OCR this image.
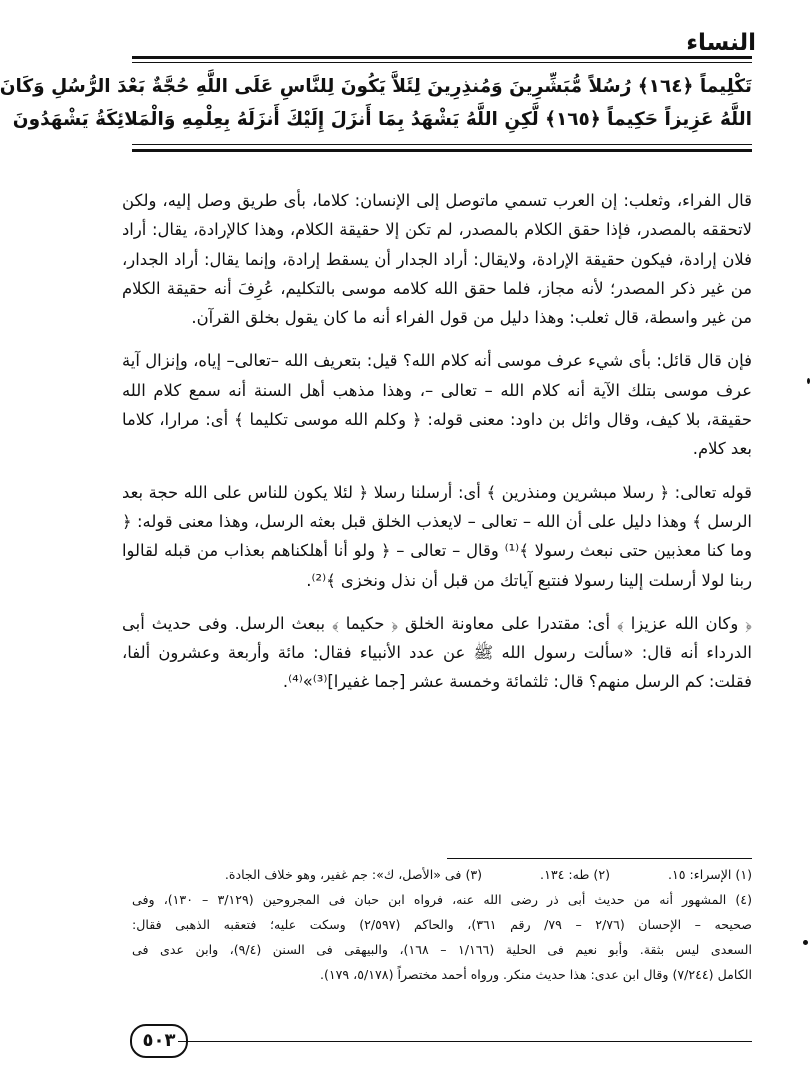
النساء
تَكْلِيماً ﴿١٦٤﴾ رُسُلاً مُّبَشِّرِينَ وَمُنذِرِينَ لِئَلاَّ يَكُونَ لِلنَّاسِ عَلَى اللَّهِ حُجَّةٌ بَعْدَ الرُّسُلِ وَكَانَ
اللَّهُ عَزِيزاً حَكِيماً ﴿١٦٥﴾ لَّكِنِ اللَّهُ يَشْهَدُ بِمَا أَنزَلَ إِلَيْكَ أَنزَلَهُ بِعِلْمِهِ وَالْمَلائِكَةُ يَشْهَدُونَ

قال الفراء، وثعلب: إن العرب تسمي ماتوصل إلى الإنسان: كلاما، بأى طريق وصل إليه، ولكن لاتحققه بالمصدر، فإذا حقق الكلام بالمصدر، لم تكن إلا حقيقة الكلام، وهذا كالإرادة، يقال: أراد فلان إرادة، فيكون حقيقة الإرادة، ولايقال: أراد الجدار أن يسقط إرادة، وإنما يقال: أراد الجدار، من غير ذكر المصدر؛ لأنه مجاز، فلما حقق الله كلامه موسى بالتكليم، عُرِفَ أنه حقيقة الكلام من غير واسطة، قال ثعلب: وهذا دليل من قول الفراء أنه ما كان يقول بخلق القرآن.

فإن قال قائل: بأى شيء عرف موسى أنه كلام الله؟ قيل: بتعريف الله –تعالى– إياه، وإنزال آية عرف موسى بتلك الآية أنه كلام الله – تعالى –، وهذا مذهب أهل السنة أنه سمع كلام الله حقيقة، بلا كيف، وقال وائل بن داود: معنى قوله: ﴿ وكلم الله موسى تكليما ﴾ أى: مرارا، كلاما بعد كلام.

قوله تعالى: ﴿ رسلا مبشرين ومنذرين ﴾ أى: أرسلنا رسلا ﴿ لئلا يكون للناس على الله حجة بعد الرسل ﴾ وهذا دليل على أن الله – تعالى – لايعذب الخلق قبل بعثه الرسل، وهذا معنى قوله: ﴿ وما كنا معذبين حتى نبعث رسولا ﴾⁽¹⁾ وقال – تعالى – ﴿ ولو أنا أهلكناهم بعذاب من قبله لقالوا ربنا لولا أرسلت إلينا رسولا فنتبع آياتك من قبل أن نذل ونخزى ﴾⁽²⁾.

﴿ وكان الله عزيزا ﴾ أى: مقتدرا على معاونة الخلق ﴿ حكيما ﴾ ببعث الرسل. وفى حديث أبى الدرداء أنه قال: «سألت رسول الله ﷺ عن عدد الأنبياء فقال: مائة وأربعة وعشرون ألفا، فقلت: كم الرسل منهم؟ قال: ثلثمائة وخمسة عشر [جما غفيرا]⁽³⁾»⁽⁴⁾.

(١) الإسراء: ١٥.
(٢) طه: ١٣٤.
(٣) فى «الأصل، ك»: جم غفير، وهو خلاف الجادة.
(٤) المشهور أنه من حديث أبى ذر رضى الله عنه، فرواه ابن حبان فى المجروحين (٣/١٢٩ – ١٣٠)، وفى
صحيحه – الإحسان (٢/٧٦ – ٧٩/ رقم ٣٦١)، والحاكم (٢/٥٩٧) وسكت عليه؛ فتعقبه الذهبى فقال:
السعدى ليس بثقة. وأبو نعيم فى الحلية (١/١٦٦ – ١٦٨)، والبيهقى فى السنن (٩/٤)، وابن عدى فى
الكامل (٧/٢٤٤) وقال ابن عدى: هذا حديث منكر. ورواه أحمد مختصراً (٥/١٧٨، ١٧٩).
٥٠٣
